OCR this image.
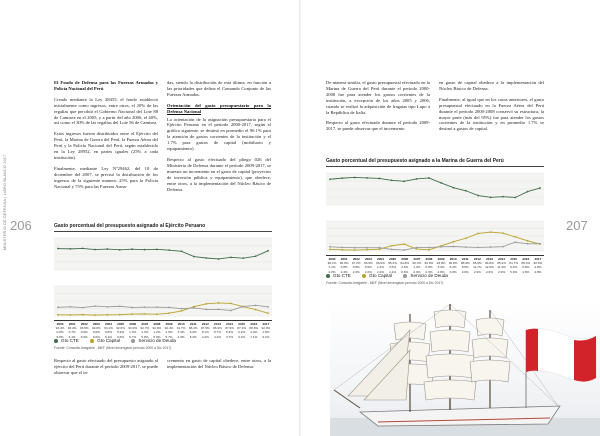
MINISTERIO DE DEFENSA | LIBRO BLANCO 2017 206

El Fondo de Defensa para las Fuerzas Armadas y Policía Nacional del Perú

Creado mediante la Ley 28455, el fondo estableció inicialmente como ingresos, entre otros, el 20% de las regalías que percibió el Gobierno Nacional del Lote 88 de Camisea en el 2005, y a partir del año 2006, el 40%, así como el 30% de las regalías del Lote 56 de Camisea.

Estos ingresos fueron distribuidos entre el Ejército del Perú, la Marina de Guerra del Perú, la Fuerza Aérea del Perú y la Policía Nacional del Perú, según establecido en la Ley 28952, en partes iguales (25% a cada institución).

Finalmente, mediante Ley Nº29462, del 10 de diciembre del 2007, se precisó la distribución de los ingresos de la siguiente manera: 25% para la Policía Nacional y 75% para las Fuerzas Arma-

das, siendo la distribución de esta última, en función a las prioridades que defina el Comando Conjunto de las Fuerzas Armadas.

Orientación del gasto presupuestario para la Defensa Nacional

La orientación de la asignación presupuestaria para el Ejército Peruano en el período 2000-2017, según el gráfico siguiente, se destinó en promedio el 90.1% para la atención de gastos corrientes de la institución y el 1.7% para gastos de capital (mobiliario y equipamiento).

Respecto al gasto efectuado del pliego 026 del Ministerio de Defensa durante el período 2009-2017, se muestra un incremento en el gasto de capital (proyectos de inversión pública y equipamiento), que obedece, entre otros, a la implementación del Núcleo Básico de Defensa.

Gasto porcentual del presupuesto asignado al Ejército Peruano
2000	2001	2002	2003	2004	2005	2006	2007	2008	2009	2010	2011	2012	2013	2014	2015	2016	2017
93.4%	93.2%	93.5%	92.8%	93.1%	92.6%	93.0%	92.7%	92.9%	92.4%	91.7%	88.4%	87.5%	86.9%	87.9%	87.4%	88.6%	92.0%
0.8%	0.7%	0.9%	0.6%	0.8%	0.9%	1.3%	1.4%	1.2%	1.9%	3.4%	6.2%	8.1%	8.7%	8.4%	6.2%	4.3%	1.9%
5.8%	6.1%	5.6%	6.6%	6.1%	6.5%	5.7%	5.9%	5.9%	5.7%	4.9%	5.4%	4.4%	4.4%	3.7%	6.4%	7.1%	6.1%
Gto CTE
	Gto Capital
	Servicio de Deuda
Fuente: Consulta Amigable - MEF (Nivel devengado período 2000 a Dic 2017)

Respecto al gasto efectuado del presupuesto asignado al ejército del Perú durante el período 2009-2017, se puede observar que el in-

cremento en gasto de capital obedece, entre otros, a la implementación del Núcleo Básico de Defensa.

207

De manera similar, el gasto presupuestal efectuado en la Marina de Guerra del Perú durante el período 2000-2008 fue para atender los gastos corrientes de la institución, a excepción de los años 2005 y 2006, cuando se realizó la adquisición de fragatas tipo Lupo a la República de Italia.

Respecto al gasto efectuado durante el período 2009-2017, se puede observar que el incremento

en gasto de capital obedece a la implementación del Núcleo Básico de Defensa.

Finalmente, al igual que en los casos anteriores, el gasto presupuestal efectuado en la Fuerza Aérea del Perú durante el período 2000-2008 conservó su estructura, la mayor parte (más del 95%) fue para atender los gastos corrientes de la institución y en promedio 1.7% se destinó a gastos de capital.

Gasto porcentual del presupuesto asignado a la Marina de Guerra del Perú
2000	2001	2002	2003	2004	2005	2006	2007	2008	2009	2010	2011	2012	2013	2014	2015	2016	2017
96.1%	96.8%	97.2%	96.9%	96.6%	95.4%	94.8%	96.3%	96.9%	93.8%	90.8%	88.9%	85.9%	84.8%	85.2%	84.7%	88.4%	90.6%
1.1%	0.8%	0.6%	0.9%	1.2%	3.5%	4.6%	1.4%	0.8%	3.4%	6.2%	8.5%	11.7%	12.6%	11.9%	9.4%	6.8%	4.6%
2.8%	2.4%	2.2%	2.2%	2.2%	1.1%	0.6%	2.3%	2.3%	2.8%	3.0%	2.6%	2.4%	2.6%	2.9%	5.9%	4.8%	4.8%
Gto CTE
	Gto Capital
	Servicio de Deuda
Fuente: Consulta Amigable - MEF (Nivel devengado período 2000 a Dic 2017)
